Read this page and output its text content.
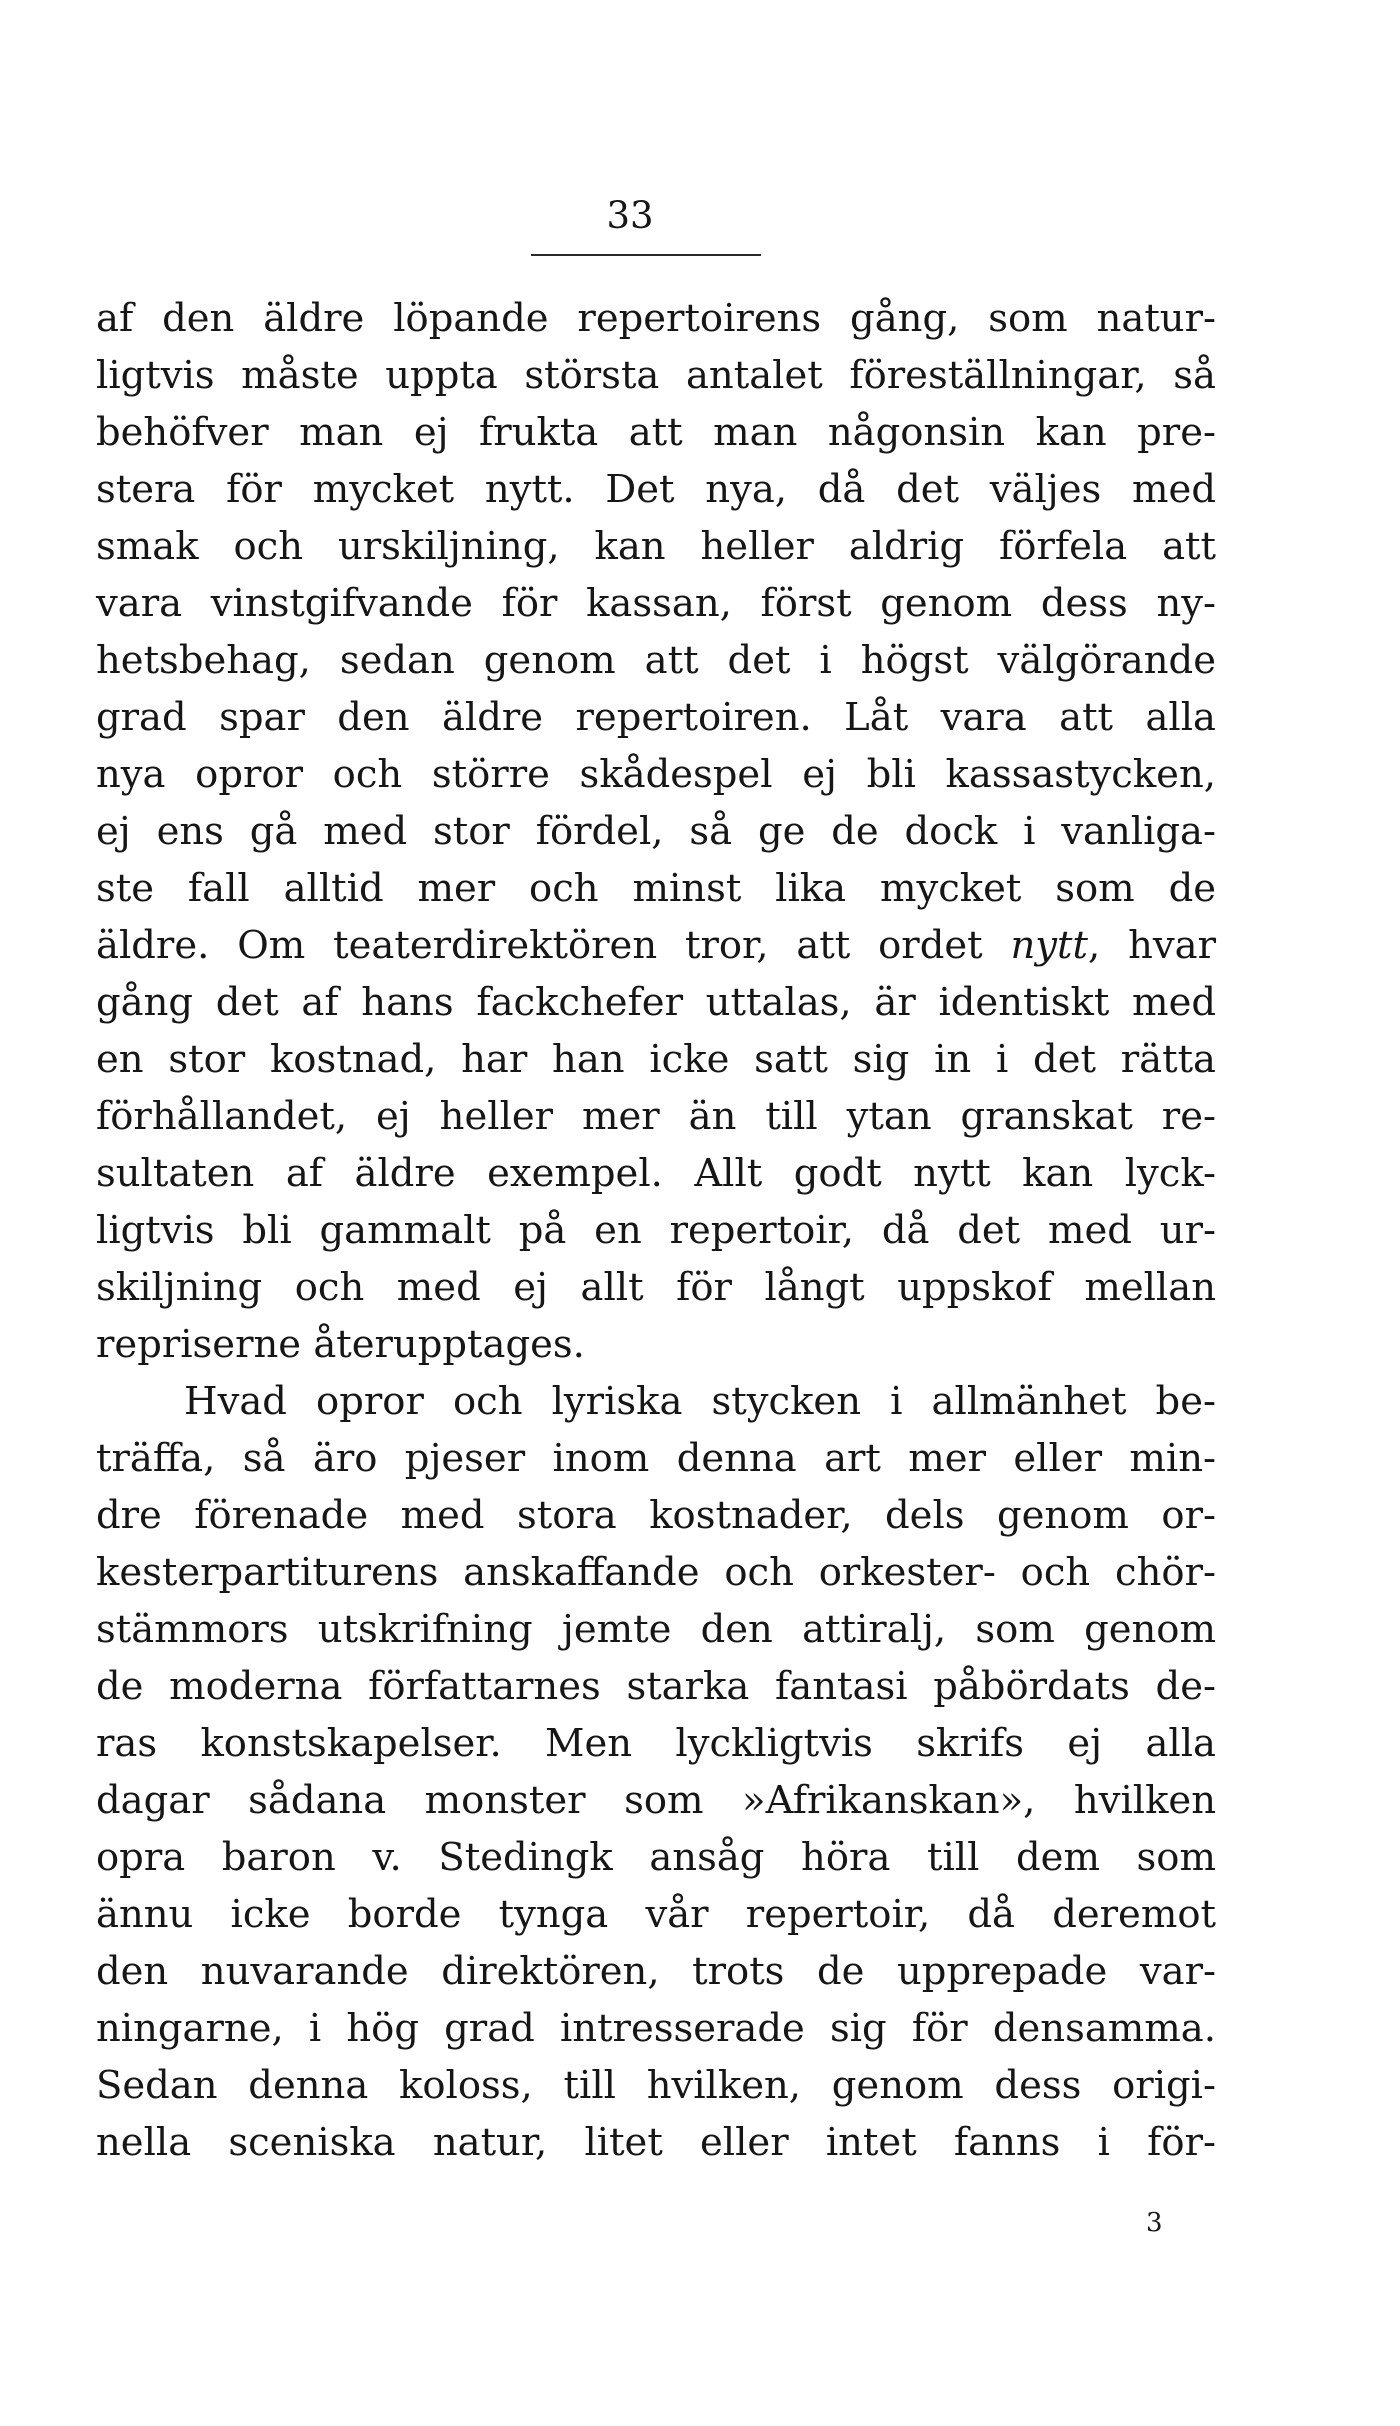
33
af den äldre löpande repertoirens gång, som natur-
ligtvis måste uppta största antalet föreställningar, så
behöfver man ej frukta att man någonsin kan pre-
stera för mycket nytt. Det nya, då det väljes med
smak och urskiljning, kan heller aldrig förfela att
vara vinstgifvande för kassan, först genom dess ny-
hetsbehag, sedan genom att det i högst välgörande
grad spar den äldre repertoiren. Låt vara att alla
nya opror och större skådespel ej bli kassastycken,
ej ens gå med stor fördel, så ge de dock i vanliga-
ste fall alltid mer och minst lika mycket som de
äldre. Om teaterdirektören tror, att ordet nytt, hvar
gång det af hans fackchefer uttalas, är identiskt med
en stor kostnad, har han icke satt sig in i det rätta
förhållandet, ej heller mer än till ytan granskat re-
sultaten af äldre exempel. Allt godt nytt kan lyck-
ligtvis bli gammalt på en repertoir, då det med ur-
skiljning och med ej allt för långt uppskof mellan
repriserne återupptages.
Hvad opror och lyriska stycken i allmänhet be-
träffa, så äro pjeser inom denna art mer eller min-
dre förenade med stora kostnader, dels genom or-
kesterpartiturens anskaffande och orkester- och chör-
stämmors utskrifning jemte den attiralj, som genom
de moderna författarnes starka fantasi påbördats de-
ras konstskapelser. Men lyckligtvis skrifs ej alla
dagar sådana monster som »Afrikanskan», hvilken
opra baron v. Stedingk ansåg höra till dem som
ännu icke borde tynga vår repertoir, då deremot
den nuvarande direktören, trots de upprepade var-
ningarne, i hög grad intresserade sig för densamma.
Sedan denna koloss, till hvilken, genom dess origi-
nella sceniska natur, litet eller intet fanns i för-
3
